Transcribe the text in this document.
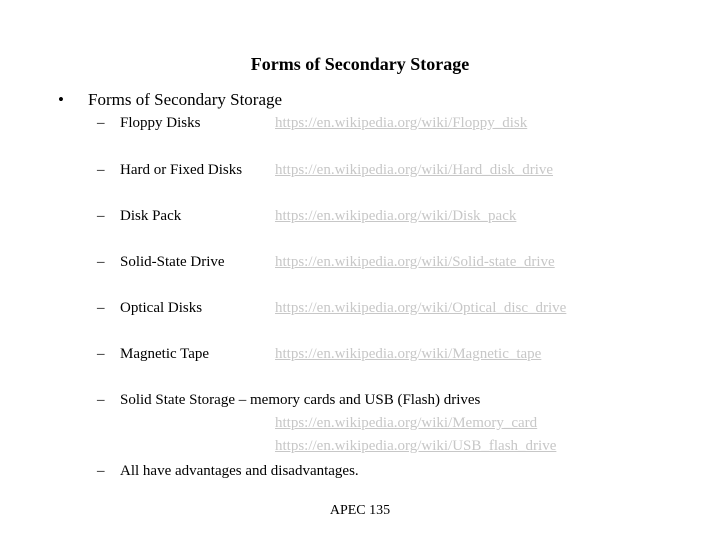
Forms of Secondary Storage
• Forms of Secondary Storage
– Floppy Disks	https://en.wikipedia.org/wiki/Floppy_disk
– Hard or Fixed Disks https://en.wikipedia.org/wiki/Hard_disk_drive
– Disk Pack	https://en.wikipedia.org/wiki/Disk_pack
– Solid-State Drive	https://en.wikipedia.org/wiki/Solid-state_drive
– Optical Disks	https://en.wikipedia.org/wiki/Optical_disc_drive
– Magnetic Tape	https://en.wikipedia.org/wiki/Magnetic_tape
– Solid State Storage – memory cards and USB (Flash) drives
https://en.wikipedia.org/wiki/Memory_card
https://en.wikipedia.org/wiki/USB_flash_drive
– All have advantages and disadvantages.
APEC 135
